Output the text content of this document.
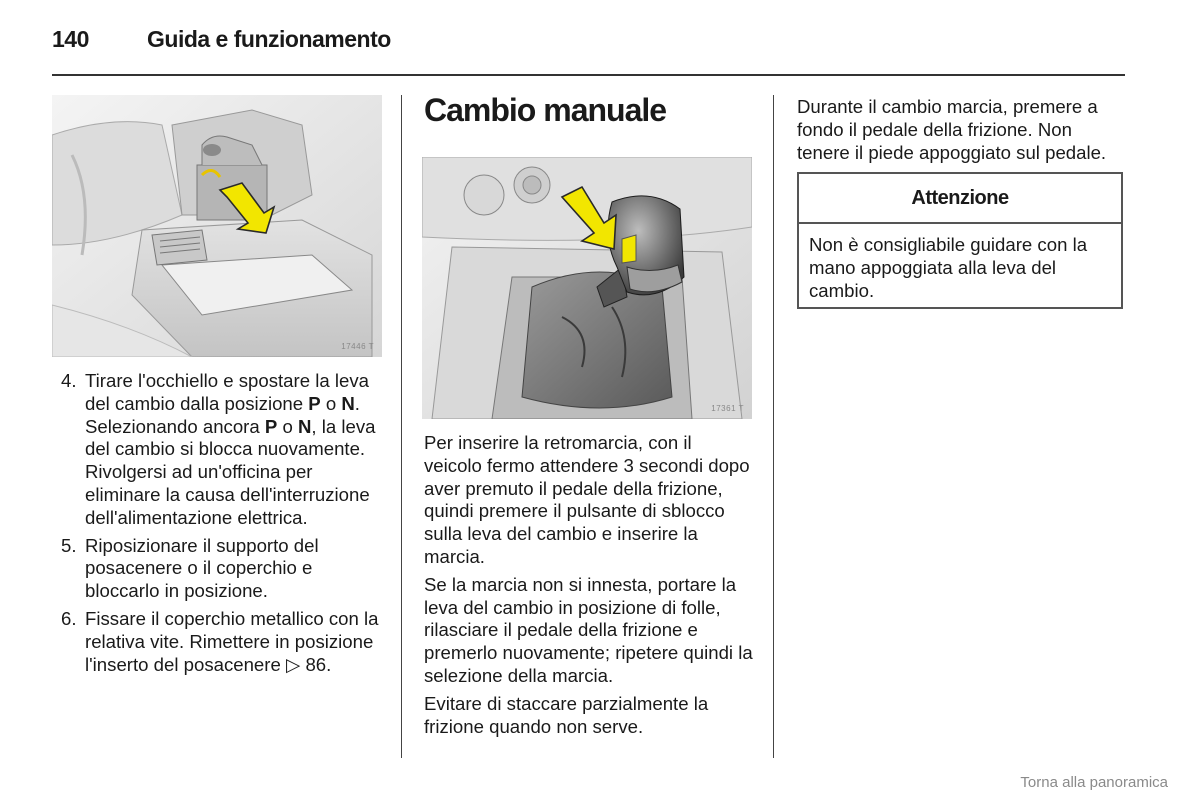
140	Guida e funzionamento
17446 T
4. Tirare l'occhiello e spostare la leva del cambio dalla posizione P o N. Selezionando ancora P o N, la leva del cambio si blocca nuovamente. Rivolgersi ad un'officina per eliminare la causa dell'interruzione dell'alimentazione elettrica.
5. Riposizionare il supporto del posacenere o il coperchio e bloccarlo in posizione.
6. Fissare il coperchio metallico con la relativa vite. Rimettere in posizione l'inserto del posacenere ▷ 86.
Cambio manuale
17361 T

Per inserire la retromarcia, con il veicolo fermo attendere 3 secondi dopo aver premuto il pedale della frizione, quindi premere il pulsante di sblocco sulla leva del cambio e inserire la marcia.

Se la marcia non si innesta, portare la leva del cambio in posizione di folle, rilasciare il pedale della frizione e premerlo nuovamente; ripetere quindi la selezione della marcia.

Evitare di staccare parzialmente la frizione quando non serve.

Durante il cambio marcia, premere a fondo il pedale della frizione. Non tenere il piede appoggiato sul pedale.

Attenzione
Non è consigliabile guidare con la mano appoggiata alla leva del cambio.
Torna alla panoramica
